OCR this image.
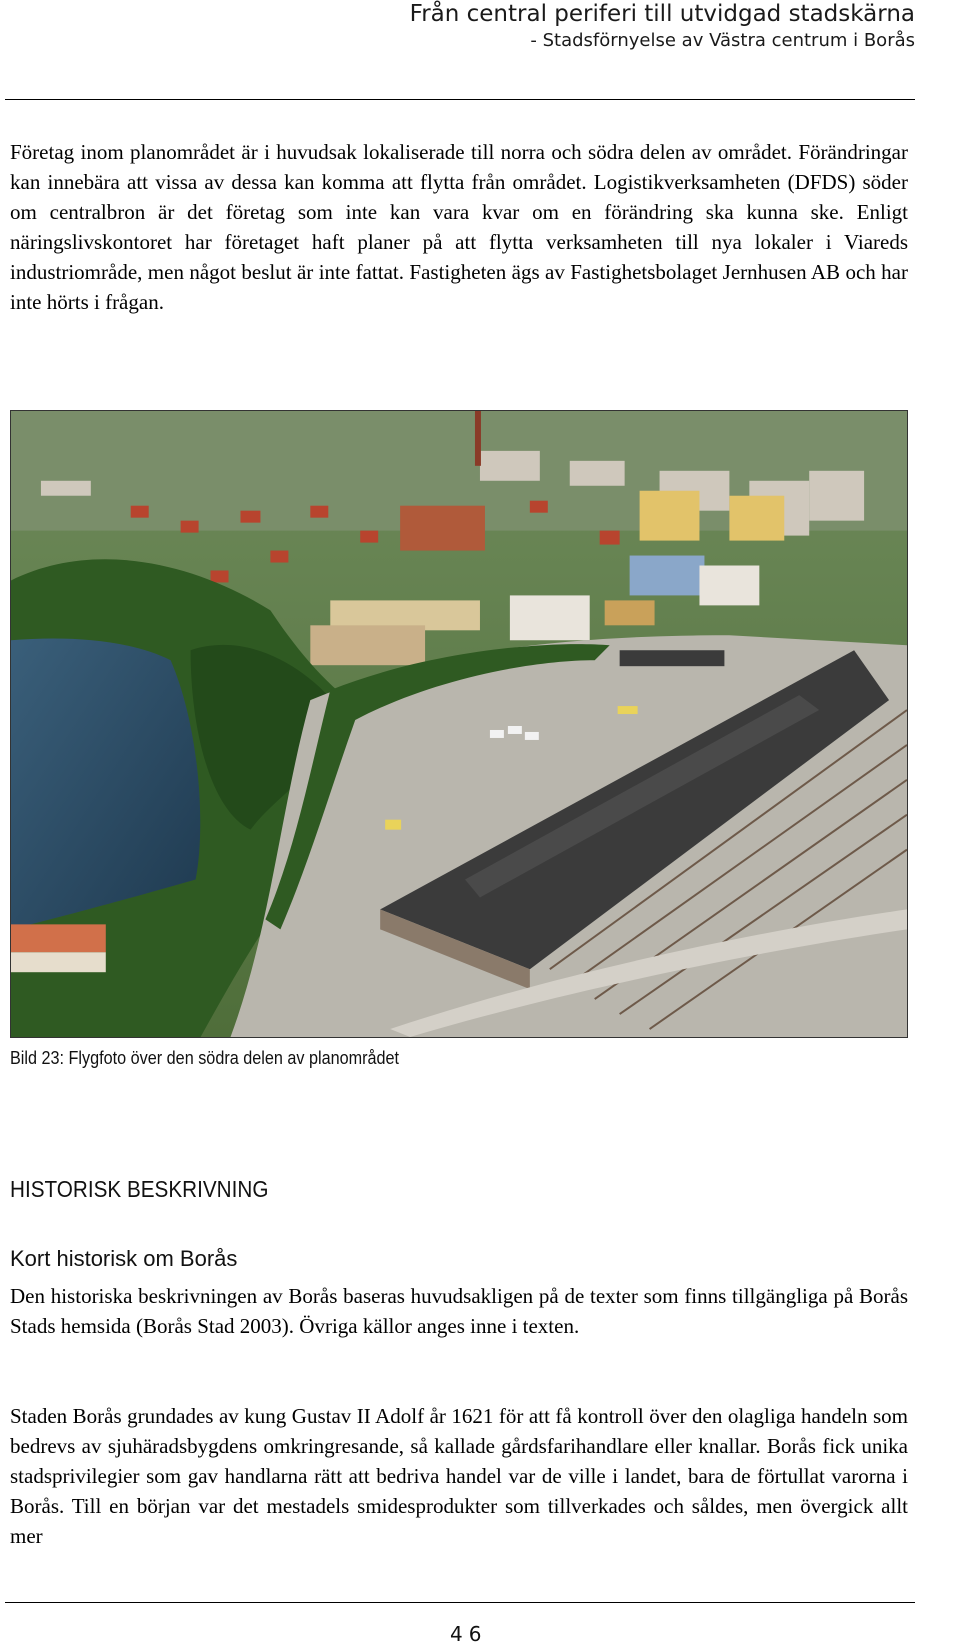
Från central periferi till utvidgad stadskärna
- Stadsförnyelse av Västra centrum i Borås

Företag inom planområdet är i huvudsak lokaliserade till norra och södra delen av området. Förändringar kan innebära att vissa av dessa kan komma att flytta från området. Logistikverksamheten (DFDS) söder om centralbron är det företag som inte kan vara kvar om en förändring ska kunna ske. Enligt näringslivskontoret har företaget haft planer på att flytta verksamheten till nya lokaler i Viareds industriområde, men något beslut är inte fattat. Fastigheten ägs av Fastighetsbolaget Jernhusen AB och har inte hörts i frågan.

Bild 23: Flygfoto över den södra delen av planområdet
HISTORISK BESKRIVNING
Kort historisk om Borås

Den historiska beskrivningen av Borås baseras huvudsakligen på de texter som finns tillgängliga på Borås Stads hemsida (Borås Stad 2003). Övriga källor anges inne i texten.

Staden Borås grundades av kung Gustav II Adolf år 1621 för att få kontroll över den olagliga handeln som bedrevs av sjuhäradsbygdens omkringresande, så kallade gårdsfarihandlare eller knallar. Borås fick unika stadsprivilegier som gav handlarna rätt att bedriva handel var de ville i landet, bara de förtullat varorna i Borås. Till en början var det mestadels smidesprodukter som tillverkades och såldes, men övergick allt mer

46
